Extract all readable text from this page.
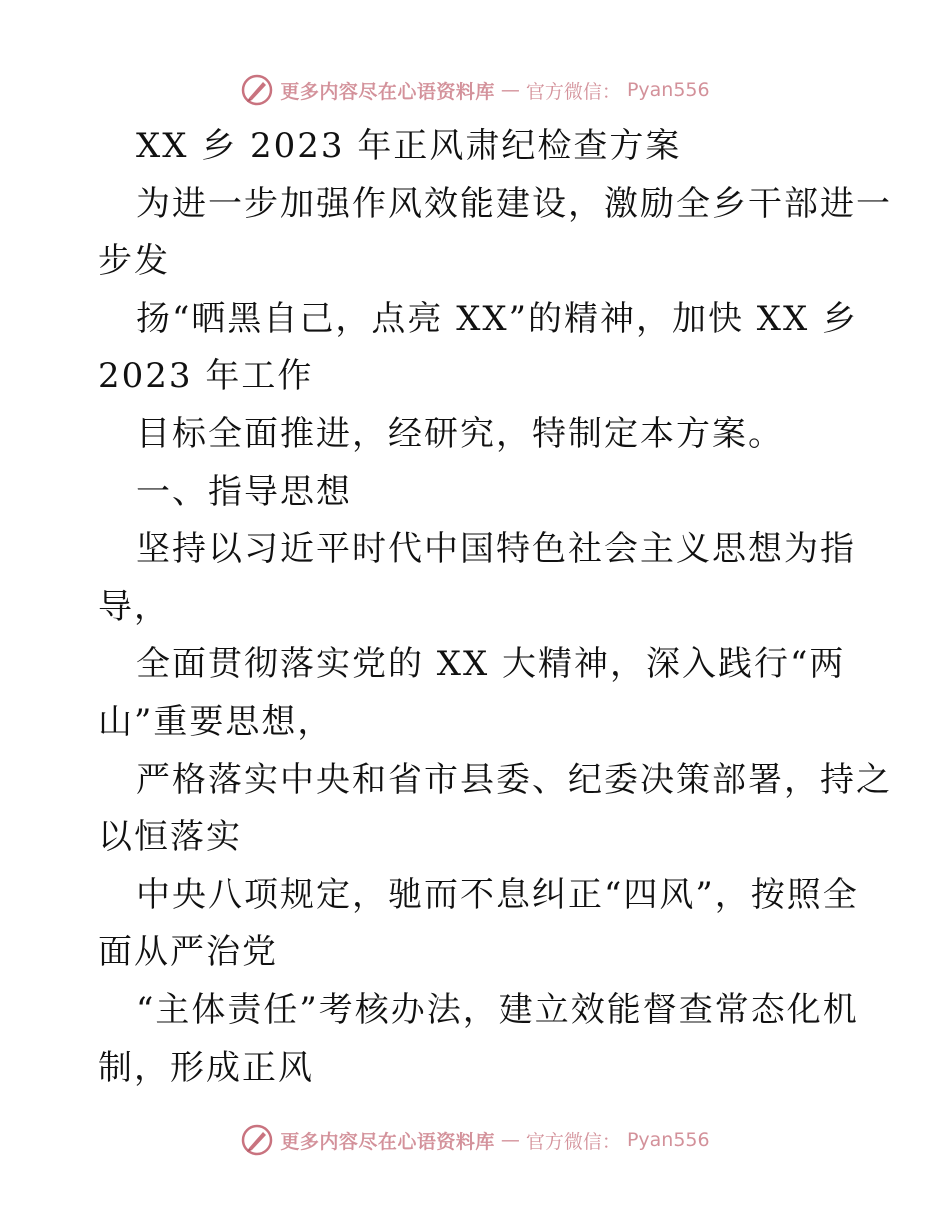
更多内容尽在心语资料库 — 官方微信： Pyan556
XX 乡 2023 年正风肃纪检查方案
为进一步加强作风效能建设，激励全乡干部进一
步发
扬“晒黑自己，点亮 XX”的精神，加快 XX 乡
2023 年工作
目标全面推进，经研究，特制定本方案。
一、指导思想
坚持以习近平时代中国特色社会主义思想为指
导，
全面贯彻落实党的 XX 大精神，深入践行“两
山”重要思想，
严格落实中央和省市县委、纪委决策部署，持之
以恒落实
中央八项规定，驰而不息纠正“四风”，按照全
面从严治党
“主体责任”考核办法，建立效能督查常态化机
制，形成正风
更多内容尽在心语资料库 — 官方微信： Pyan556
